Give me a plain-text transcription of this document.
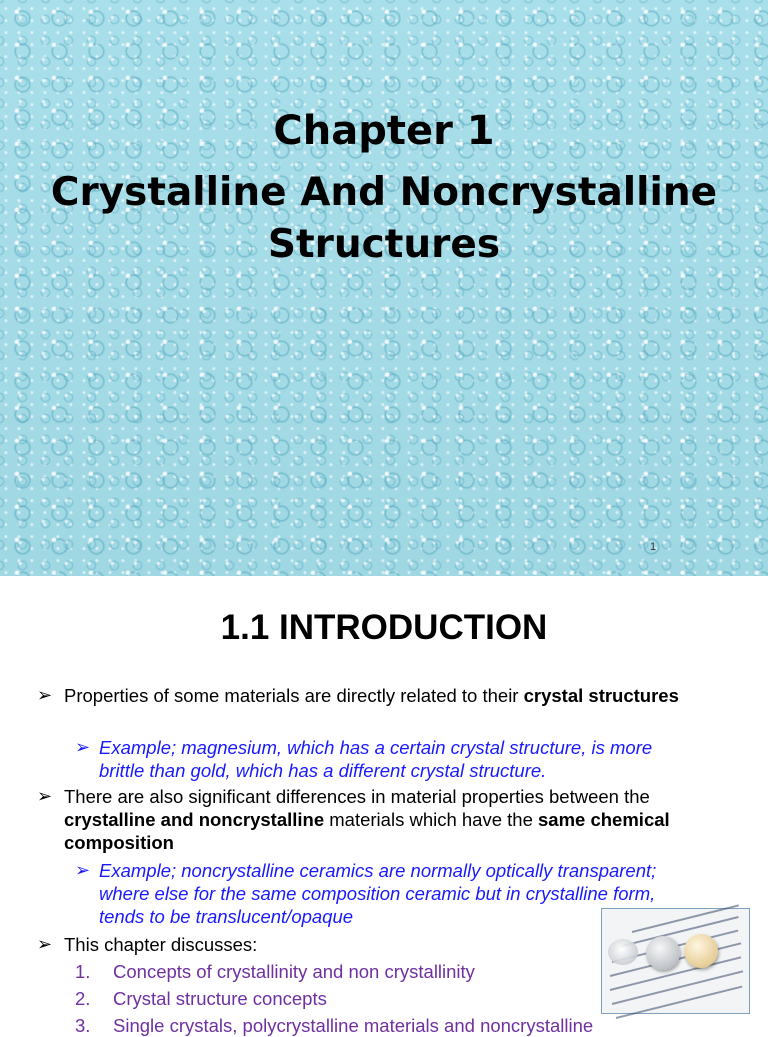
Chapter 1
Crystalline And Noncrystalline
Structures
1
1.1 INTRODUCTION
➢ Properties of some materials are directly related to their crystal structures
➢ Example; magnesium, which has a certain crystal structure, is more brittle than gold, which has a different crystal structure.
➢ There are also significant differences in material properties between the crystalline and noncrystalline materials which have the same chemical composition
➢ Example; noncrystalline ceramics are normally optically transparent; where else for the same composition ceramic but in crystalline form, tends to be translucent/opaque
➢ This chapter discusses:
1.	Concepts of crystallinity and non crystallinity
2.	Crystal structure concepts
3.	Single crystals, polycrystalline materials and noncrystalline
